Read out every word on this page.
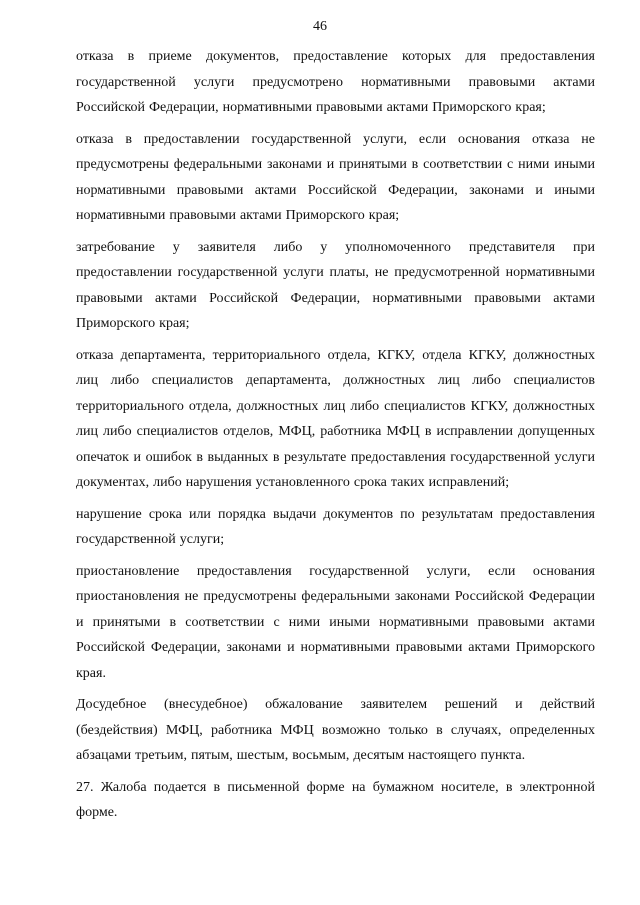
46

отказа в приеме документов, предоставление которых для предоставления государственной услуги предусмотрено нормативными правовыми актами Российской Федерации, нормативными правовыми актами Приморского края;

отказа в предоставлении государственной услуги, если основания отказа не предусмотрены федеральными законами и принятыми в соответствии с ними иными нормативными правовыми актами Российской Федерации, законами и иными нормативными правовыми актами Приморского края;

затребование у заявителя либо у уполномоченного представителя при предоставлении государственной услуги платы, не предусмотренной нормативными правовыми актами Российской Федерации, нормативными правовыми актами Приморского края;

отказа департамента, территориального отдела, КГКУ, отдела КГКУ, должностных лиц либо специалистов департамента, должностных лиц либо специалистов территориального отдела, должностных лиц либо специалистов КГКУ, должностных лиц либо специалистов отделов, МФЦ, работника МФЦ в исправлении допущенных опечаток и ошибок в выданных в результате предоставления государственной услуги документах, либо нарушения установленного срока таких исправлений;

нарушение срока или порядка выдачи документов по результатам предоставления государственной услуги;

приостановление предоставления государственной услуги, если основания приостановления не предусмотрены федеральными законами Российской Федерации и принятыми в соответствии с ними иными нормативными правовыми актами Российской Федерации, законами и нормативными правовыми актами Приморского края.

Досудебное (внесудебное) обжалование заявителем решений и действий (бездействия) МФЦ, работника МФЦ возможно только в случаях, определенных абзацами третьим, пятым, шестым, восьмым, десятым настоящего пункта.

27. Жалоба подается в письменной форме на бумажном носителе, в электронной форме.
